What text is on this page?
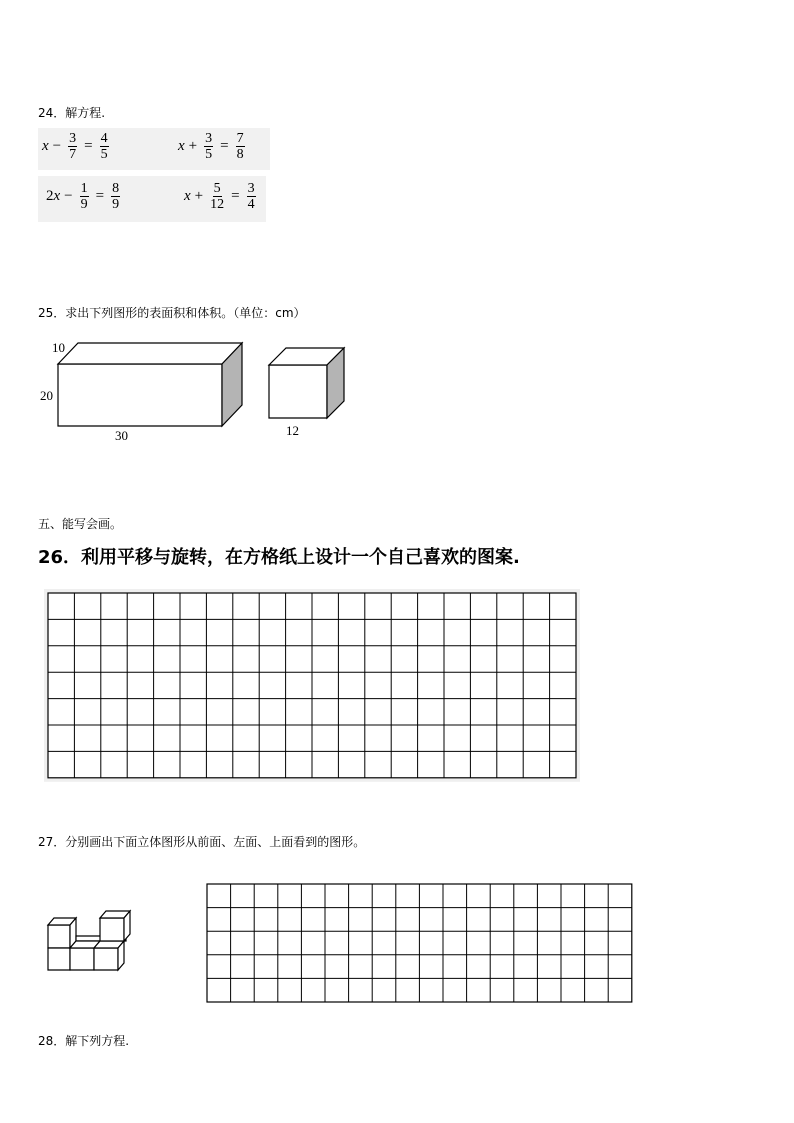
24．解方程.
$x - \frac{3}{7} = \frac{4}{5}$	$x + \frac{3}{5} = \frac{7}{8}$
2 $x - \frac{1}{9} = \frac{8}{9}$	$x + \frac{5}{12} = \frac{3}{4}$
25．求出下列图形的表面积和体积。（单位：cm）
10
20
30	12
五、能写会画。
26．利用平移与旋转，在方格纸上设计一个自己喜欢的图案.
27．分别画出下面立体图形从前面、左面、上面看到的图形。
28．解下列方程.
